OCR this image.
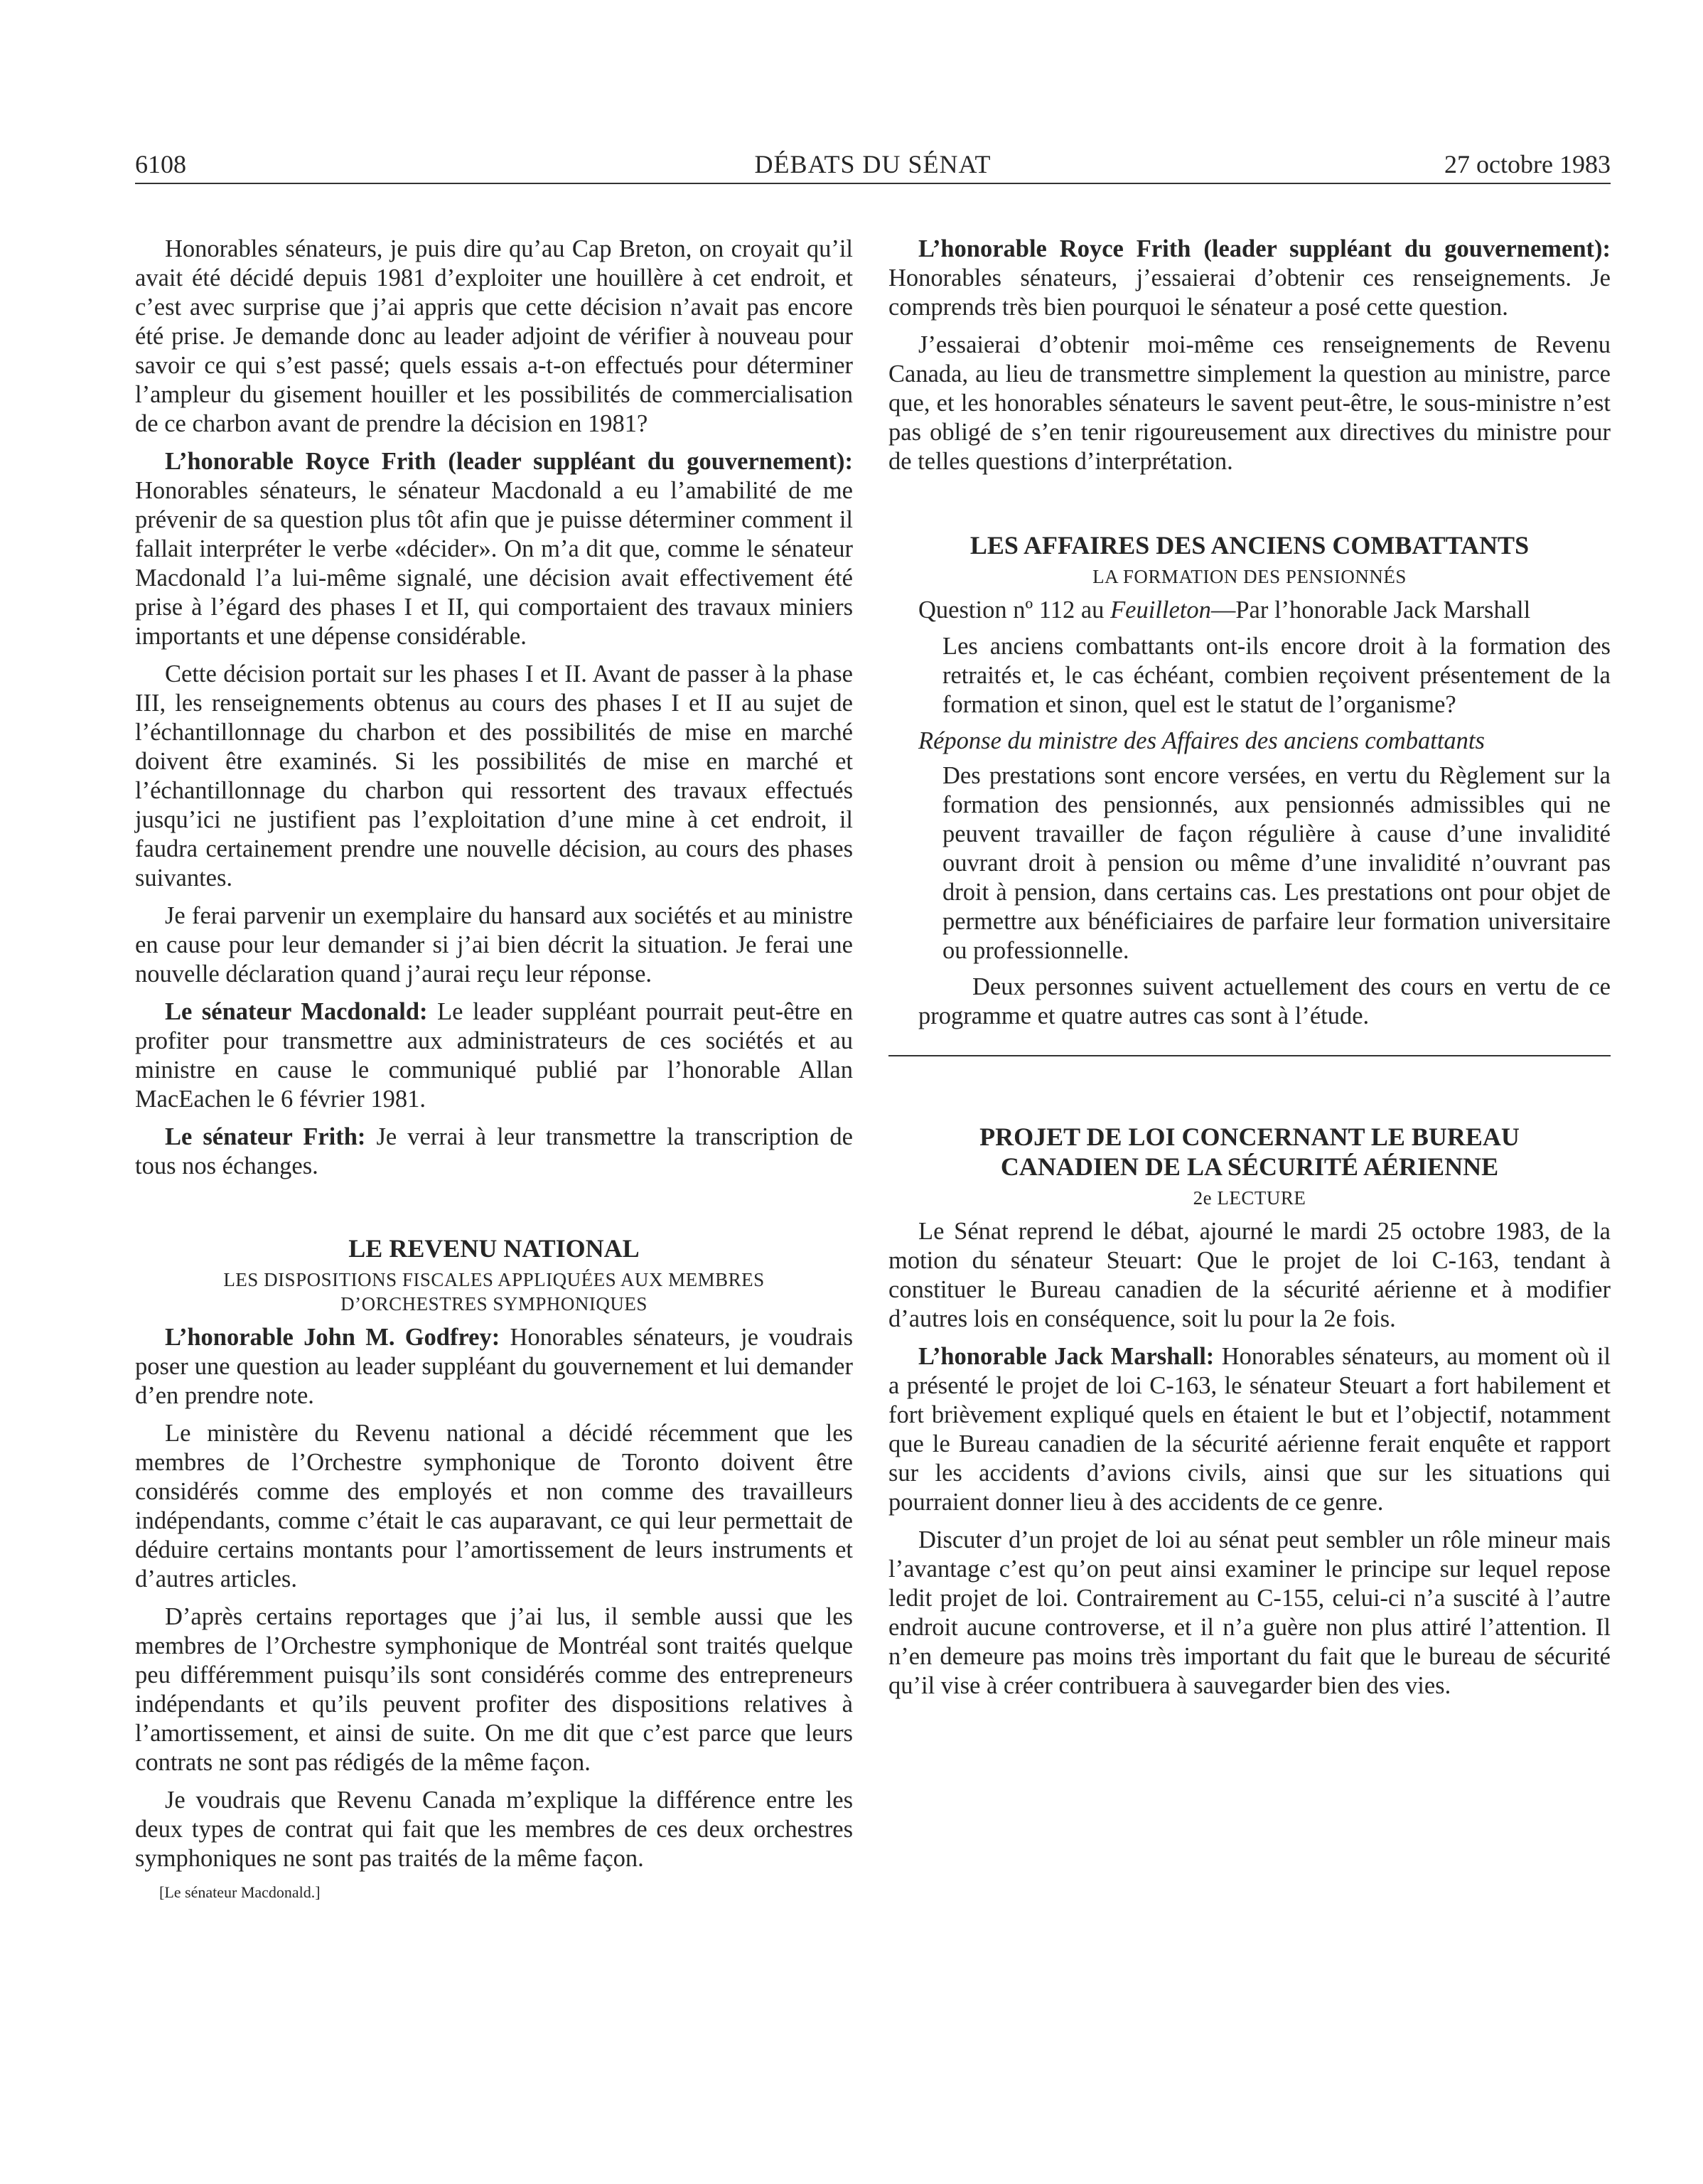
DÉBATS DU SÉNAT
6108	27 octobre 1983

Honorables sénateurs, je puis dire qu’au Cap Breton, on croyait qu’il avait été décidé depuis 1981 d’exploiter une houillère à cet endroit, et c’est avec surprise que j’ai appris que cette décision n’avait pas encore été prise. Je demande donc au leader adjoint de vérifier à nouveau pour savoir ce qui s’est passé; quels essais a-t-on effectués pour déterminer l’ampleur du gisement houiller et les possibilités de commercialisation de ce charbon avant de prendre la décision en 1981?

L’honorable Royce Frith (leader suppléant du gouvernement): Honorables sénateurs, le sénateur Macdonald a eu l’amabilité de me prévenir de sa question plus tôt afin que je puisse déterminer comment il fallait interpréter le verbe «décider». On m’a dit que, comme le sénateur Macdonald l’a lui-même signalé, une décision avait effectivement été prise à l’égard des phases I et II, qui comportaient des travaux miniers importants et une dépense considérable.

Cette décision portait sur les phases I et II. Avant de passer à la phase III, les renseignements obtenus au cours des phases I et II au sujet de l’échantillonnage du charbon et des possibilités de mise en marché doivent être examinés. Si les possibilités de mise en marché et l’échantillonnage du charbon qui ressortent des travaux effectués jusqu’ici ne justifient pas l’exploitation d’une mine à cet endroit, il faudra certainement prendre une nouvelle décision, au cours des phases suivantes.

Je ferai parvenir un exemplaire du hansard aux sociétés et au ministre en cause pour leur demander si j’ai bien décrit la situation. Je ferai une nouvelle déclaration quand j’aurai reçu leur réponse.

Le sénateur Macdonald: Le leader suppléant pourrait peut-être en profiter pour transmettre aux administrateurs de ces sociétés et au ministre en cause le communiqué publié par l’honorable Allan MacEachen le 6 février 1981.

Le sénateur Frith: Je verrai à leur transmettre la transcription de tous nos échanges.

LE REVENU NATIONAL
LES DISPOSITIONS FISCALES APPLIQUÉES AUX MEMBRES D’ORCHESTRES SYMPHONIQUES

L’honorable John M. Godfrey: Honorables sénateurs, je voudrais poser une question au leader suppléant du gouvernement et lui demander d’en prendre note.

Le ministère du Revenu national a décidé récemment que les membres de l’Orchestre symphonique de Toronto doivent être considérés comme des employés et non comme des travailleurs indépendants, comme c’était le cas auparavant, ce qui leur permettait de déduire certains montants pour l’amortissement de leurs instruments et d’autres articles.

D’après certains reportages que j’ai lus, il semble aussi que les membres de l’Orchestre symphonique de Montréal sont traités quelque peu différemment puisqu’ils sont considérés comme des entrepreneurs indépendants et qu’ils peuvent profiter des dispositions relatives à l’amortissement, et ainsi de suite. On me dit que c’est parce que leurs contrats ne sont pas rédigés de la même façon.

Je voudrais que Revenu Canada m’explique la différence entre les deux types de contrat qui fait que les membres de ces deux orchestres symphoniques ne sont pas traités de la même façon.

[Le sénateur Macdonald.]

L’honorable Royce Frith (leader suppléant du gouvernement): Honorables sénateurs, j’essaierai d’obtenir ces renseignements. Je comprends très bien pourquoi le sénateur a posé cette question.

J’essaierai d’obtenir moi-même ces renseignements de Revenu Canada, au lieu de transmettre simplement la question au ministre, parce que, et les honorables sénateurs le savent peut-être, le sous-ministre n’est pas obligé de s’en tenir rigoureusement aux directives du ministre pour de telles questions d’interprétation.

LES AFFAIRES DES ANCIENS COMBATTANTS
LA FORMATION DES PENSIONNÉS

Question nº 112 au Feuilleton—Par l’honorable Jack Marshall

Les anciens combattants ont-ils encore droit à la formation des retraités et, le cas échéant, combien reçoivent présentement de la formation et sinon, quel est le statut de l’organisme?

Réponse du ministre des Affaires des anciens combattants

Des prestations sont encore versées, en vertu du Règlement sur la formation des pensionnés, aux pensionnés admissibles qui ne peuvent travailler de façon régulière à cause d’une invalidité ouvrant droit à pension ou même d’une invalidité n’ouvrant pas droit à pension, dans certains cas. Les prestations ont pour objet de permettre aux bénéficiaires de parfaire leur formation universitaire ou professionnelle.

Deux personnes suivent actuellement des cours en vertu de ce programme et quatre autres cas sont à l’étude.

PROJET DE LOI CONCERNANT LE BUREAU CANADIEN DE LA SÉCURITÉ AÉRIENNE
2e LECTURE

Le Sénat reprend le débat, ajourné le mardi 25 octobre 1983, de la motion du sénateur Steuart: Que le projet de loi C-163, tendant à constituer le Bureau canadien de la sécurité aérienne et à modifier d’autres lois en conséquence, soit lu pour la 2e fois.

L’honorable Jack Marshall: Honorables sénateurs, au moment où il a présenté le projet de loi C-163, le sénateur Steuart a fort habilement et fort brièvement expliqué quels en étaient le but et l’objectif, notamment que le Bureau canadien de la sécurité aérienne ferait enquête et rapport sur les accidents d’avions civils, ainsi que sur les situations qui pourraient donner lieu à des accidents de ce genre.

Discuter d’un projet de loi au sénat peut sembler un rôle mineur mais l’avantage c’est qu’on peut ainsi examiner le principe sur lequel repose ledit projet de loi. Contrairement au C-155, celui-ci n’a suscité à l’autre endroit aucune controverse, et il n’a guère non plus attiré l’attention. Il n’en demeure pas moins très important du fait que le bureau de sécurité qu’il vise à créer contribuera à sauvegarder bien des vies.
